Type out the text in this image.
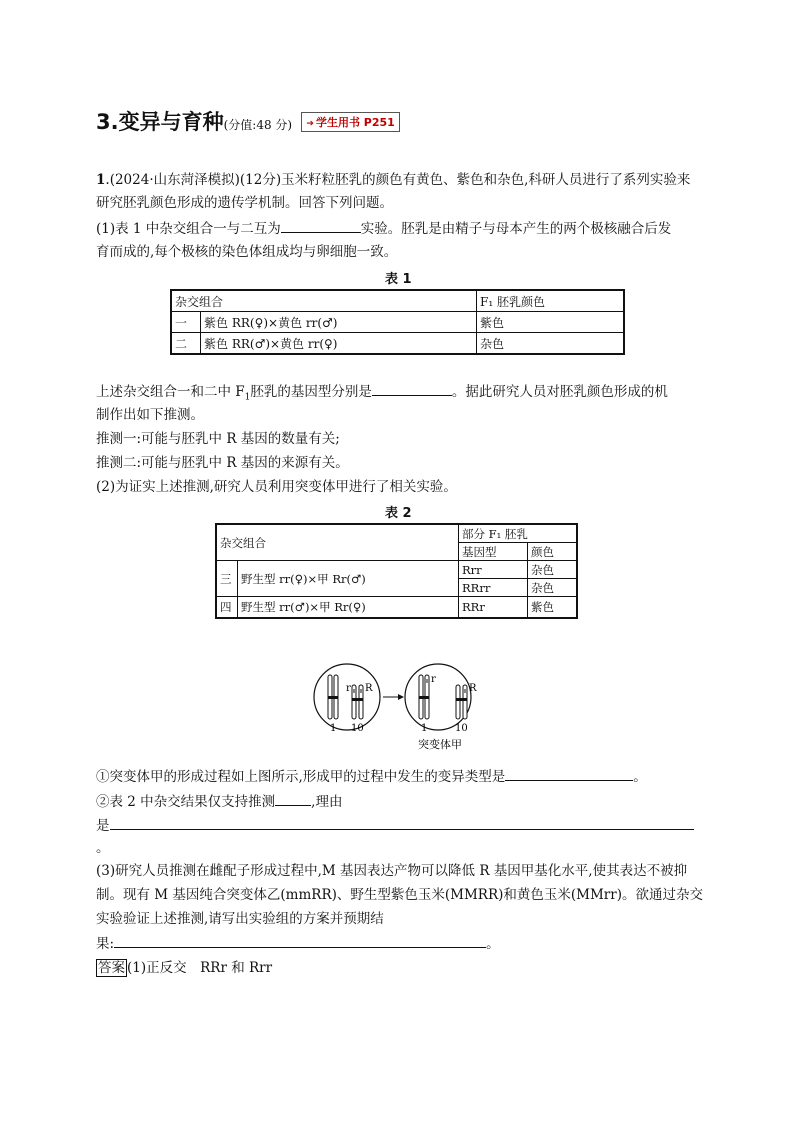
3.变异与育种(分值:48 分) ➔ 学生用书 P251
1.(2024·山东菏泽模拟)(12分)玉米籽粒胚乳的颜色有黄色、紫色和杂色,科研人员进行了系列实验来
研究胚乳颜色形成的遗传学机制。回答下列问题。
(1)表 1 中杂交组合一与二互为	实验。胚乳是由精子与母本产生的两个极核融合后发
育而成的,每个极核的染色体组成均与卵细胞一致。
表 1
杂交组合		F₁ 胚乳颜色
一	紫色 RR(♀)×黄色 rr(♂)	紫色
二	紫色 RR(♂)×黄色 rr(♀)	杂色
上述杂交组合一和二中 $F_1$胚乳的基因型分别是	。据此研究人员对胚乳颜色形成的机
制作出如下推测。
推测一:可能与胚乳中 R 基因的数量有关;
推测二:可能与胚乳中 R 基因的来源有关。
(2)为证实上述推测,研究人员利用突变体甲进行了相关实验。
表 2
杂交组合		部分 F₁ 胚乳	
		基因型	颜色
三	野生型 rr(♀)×甲 Rr(♂)	Rrr	杂色
		RRrr	杂色
四	野生型 rr(♂)×甲 Rr(♀)	RRr	紫色
r R
1 10
r
R
1	10
突变体甲
①突变体甲的形成过程如上图所示,形成甲的过程中发生的变异类型是	。
②表 2 中杂交结果仅支持推测	,理由
是
。
(3)研究人员推测在雌配子形成过程中,M 基因表达产物可以降低 R 基因甲基化水平,使其表达不被抑
制。现有 M 基因纯合突变体乙(mmRR)、野生型紫色玉米(MMRR)和黄色玉米(MMrr)。欲通过杂交
实验验证上述推测,请写出实验组的方案并预期结
果:	。
答案 (1)正反交　RRr 和 Rrr
